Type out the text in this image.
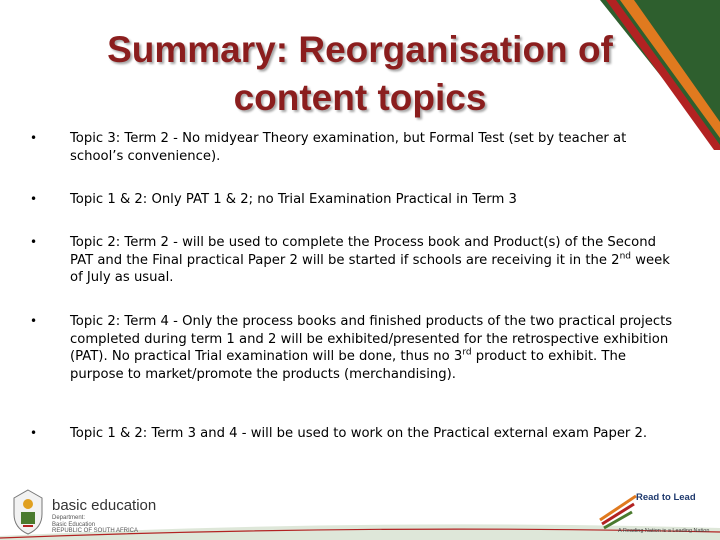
Summary: Reorganisation of
content topics
•	Topic 3: Term 2 - No midyear Theory examination, but Formal Test (set by teacher at school’s convenience).
•	Topic 1 & 2: Only PAT 1 & 2; no Trial Examination Practical in Term 3
•	Topic 2: Term 2 - will be used to complete the Process book and Product(s) of the Second PAT and the Final practical Paper 2 will be started if schools are receiving it in the 2nd week of July as usual.
•	Topic 2: Term 4 - Only the process books and finished products of the two practical projects completed during term 1 and 2 will be exhibited/presented for the retrospective exhibition (PAT). No practical Trial examination will be done, thus no 3rd product to exhibit. The purpose to market/promote the products (merchandising).
•	Topic 1 & 2: Term 3 and 4 - will be used to work on the Practical external exam Paper 2.
basic education
Department:
Basic Education
REPUBLIC OF SOUTH AFRICA
Read to Lead
A Reading Nation is a Leading Nation
